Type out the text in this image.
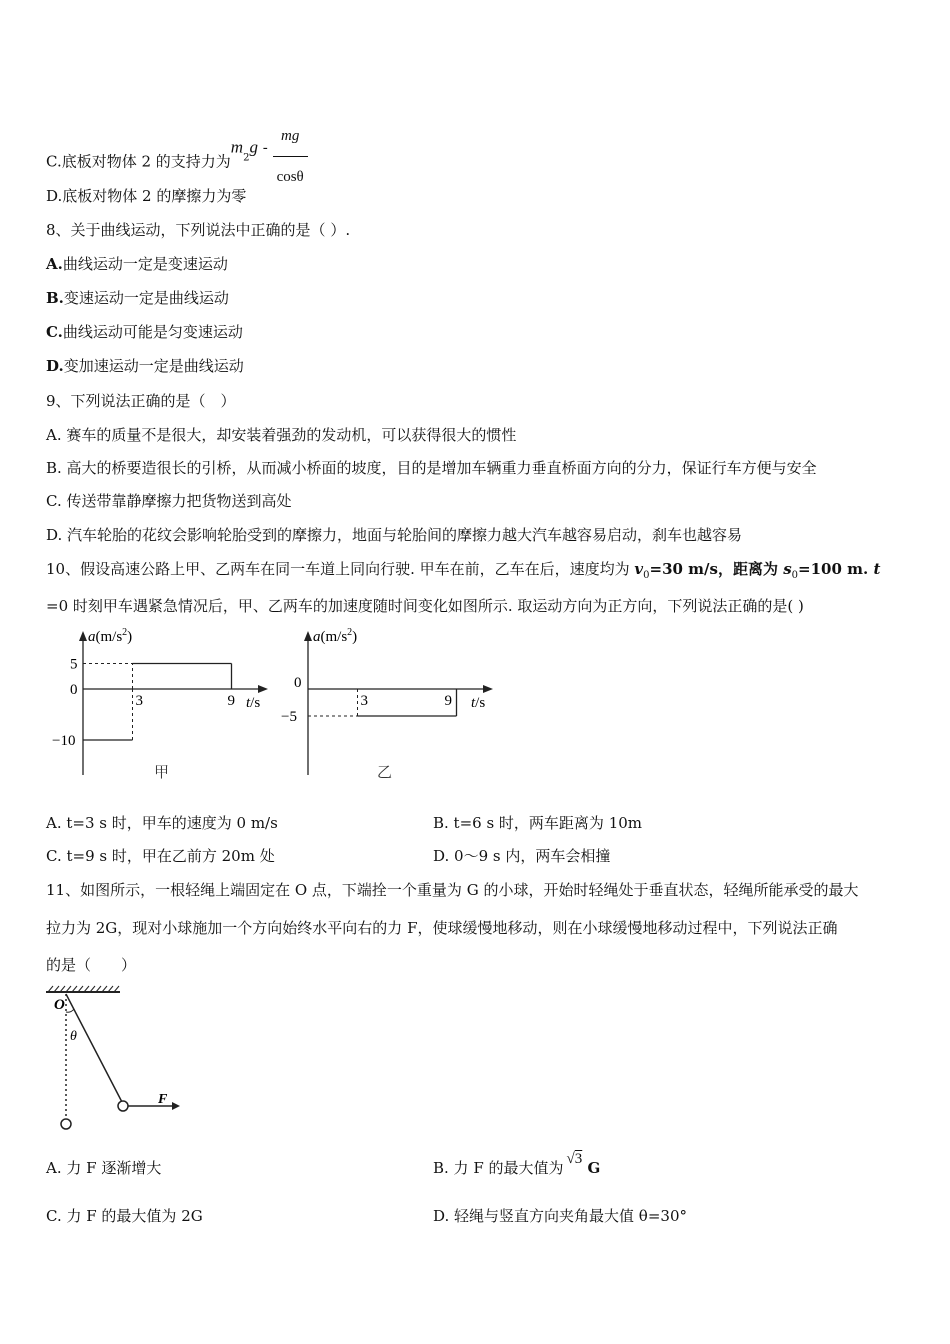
C.底板对物体 2 的支持力为$m_2g - \frac{mg}{\cos\theta}$
D.底板对物体 2 的摩擦力为零
8、关于曲线运动，下列说法中正确的是（ ）.
A.曲线运动一定是变速运动
B.变速运动一定是曲线运动
C.曲线运动可能是匀变速运动
D.变加速运动一定是曲线运动
9、下列说法正确的是（　）
A. 赛车的质量不是很大，却安装着强劲的发动机，可以获得很大的惯性
B. 高大的桥要造很长的引桥，从而减小桥面的坡度，目的是增加车辆重力垂直桥面方向的分力，保证行车方便与安全
C. 传送带靠静摩擦力把货物送到高处
D. 汽车轮胎的花纹会影响轮胎受到的摩擦力，地面与轮胎间的摩擦力越大汽车越容易启动，刹车也越容易
10、假设高速公路上甲、乙两车在同一车道上同向行驶. 甲车在前，乙车在后，速度均为 $v_0=30$ m/s，距离为 $s_0=100$ m. t
=0 时刻甲车遇紧急情况后，甲、乙两车的加速度随时间变化如图所示. 取运动方向为正方向，下列说法正确的是( )
$a(m/s^2)$
t/s
5
0
−10
3	9
甲
$a(m/s^2)$
t/s
0
−5
3	9
乙
A. t=3 s 时，甲车的速度为 0 m/s	B. t=6 s 时，两车距离为 10m
C. t=9 s 时，甲在乙前方 20m 处	D. 0～9 s 内，两车会相撞
11、如图所示，一根轻绳上端固定在 O 点，下端拴一个重量为 G 的小球，开始时轻绳处于垂直状态，轻绳所能承受的最大
拉力为 2G，现对小球施加一个方向始终水平向右的力 F，使球缓慢地移动，则在小球缓慢地移动过程中，下列说法正确
的是（　　）
O
θ
F
A. 力 F 逐渐增大	B. 力 F 的最大值为 √3 G
C. 力 F 的最大值为 2G	D. 轻绳与竖直方向夹角最大值 θ=30°
